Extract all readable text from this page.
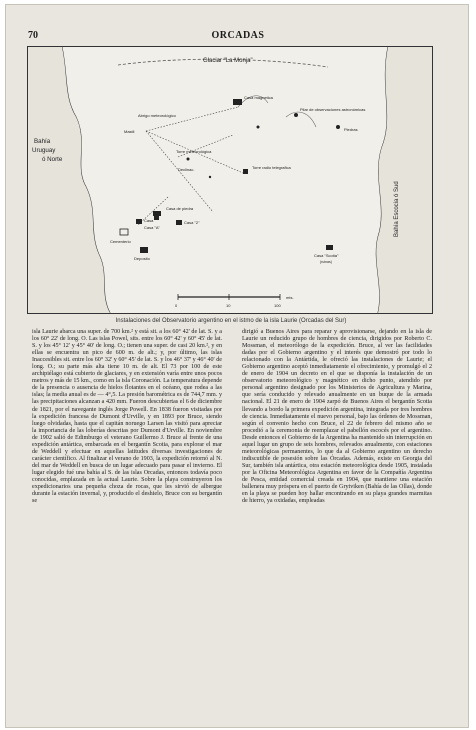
70	ORCADAS
Glaciar "La Monja"
Bahía
Uruguay
ó Norte
Bahía Escocia ó Sud
Casa magnetica
Abrigo meteorológico
Torre meteorológica
Mastil
Declinac.	Torre radio telegrafica
Pilar de observaciones astronómicas
Piedras
Casa de piedra
Casa
Casa "A"
Casa "2"
Cementerio
Deposito
Casa "Scotia"
(ruinas)
0	10	100
mts.
Instalaciones del Observatorio argentino en el istmo de la isla Laurie (Orcadas del Sur)

isla Laurie abarca una super. de 700 km.² y está sit. a los 60° 42' de lat. S. y a los 60° 22' de long. O. Las islas Powel, sits. entre los 60° 42' y 60° 45' de lat. S. y los 45° 12' y 45° 40' de long. O.; tienen una super. de casi 20 km.², y en ellas se encuentra un pico de 600 m. de alt.; y, por último, las islas Inaccesibles sit. entre los 60° 32' y 60° 45' de lat. S. y los 46° 37' y 46° 40' de long. O.; su parte más alta tiene 10 m. de alt. El 73 por 100 de este archipiélago está cubierto de glaciares, y en extensión varía entre unos pocos metros y más de 15 km., como en la isla Coronación. La temperatura depende de la presencia o ausencia de hielos flotantes en el océano, que rodea a las islas; la media anual es de — 4°,5. La presión barométrica es de 744,7 mm. y las precipitaciones alcanzan a 420 mm. Fueron descubiertas el 6 de diciembre de 1821, por el navegante inglés Jorge Powell. En 1838 fueron visitadas por la expedición francesa de Dumont d'Urville, y en 1893 por Bruce, siendo luego olvidadas, hasta que el capitán noruego Larsen las visitó para apreciar la importancia de las loberías descritas por Dumont d'Urville. En noviembre de 1902 salió de Edimburgo el veterano Guillermo J. Bruce al frente de una expedición antártica, embarcada en el bergantín Scotia, para explorar el mar de Weddell y efectuar en aquellas latitudes diversas investigaciones de carácter científico. Al finalizar el verano de 1903, la expedición retornó al N. del mar de Weddell en busca de un lugar adecuado para pasar el invierno. El lugar elegido fué una bahía al S. de las islas Orcadas, entonces todavía poco conocidas, emplazada en la actual Laurie. Sobre la playa construyeron los expedicionarios una pequeña choza de rocas, que les sirvió de albergue durante la estación invernal, y, producido el deshielo, Bruce con su bergantín se

dirigió a Buenos Aires para reparar y aprovisionarse, dejando en la isla de Laurie un reducido grupo de hombres de ciencia, dirigidos por Roberto C. Mossman, el meteorólogo de la expedición. Bruce, al ver las facilidades dadas por el Gobierno argentino y el interés que demostró por todo lo relacionado con la Antártida, le ofreció las instalaciones de Laurie; el Gobierno argentino aceptó inmediatamente el ofrecimiento, y promulgó el 2 de enero de 1904 un decreto en el que se disponía la instalación de un observatorio meteorológico y magnético en dicho punto, atendido por personal argentino designado por los Ministerios de Agricultura y Marina, que sería conducido y relevado anualmente en un buque de la armada nacional. El 21 de enero de 1904 zarpó de Buenos Aires el bergantín Scotia llevando a bordo la primera expedición argentina, integrada por tres hombres de ciencia. Inmediatamente el nuevo personal, bajo las órdenes de Mossman, según el convenio hecho con Bruce, el 22 de febrero del mismo año se procedió a la ceremonia de reemplazar el pabellón escocés por el argentino. Desde entonces el Gobierno de la Argentina ha mantenido sin interrupción en aquel lugar un grupo de seis hombres, relevados anualmente, con estaciones meteorológicas permanentes, lo que da al Gobierno argentino un derecho indiscutible de posesión sobre las Órcadas. Además, existe en Georgia del Sur, también isla antártica, otra estación meteorológica desde 1905, instalada por la Oficina Meteorológica Argentina en favor de la Compañía Argentina de Pesca, entidad comercial creada en 1904, que mantiene una estación ballenera muy próspera en el puerto de Grytviken (Bahía de las Ollas), donde en la playa se pueden hoy hallar encontrando en su playa grandes marmitas de hierro, ya oxidadas, empleadas
